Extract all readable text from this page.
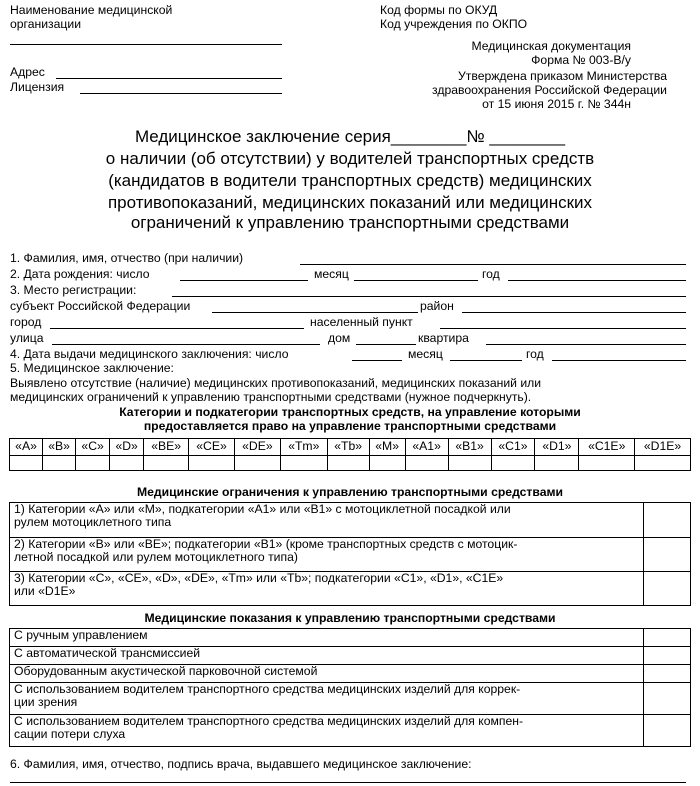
Наименование медицинской
организации
Адрес
Лицензия
Код формы по ОКУД
Код учреждения по ОКПО
Медицинская документация
Форма № 003-В/у
Утверждена приказом Министерства
здравоохранения Российской Федерации
от 15 июня 2015 г. № 344н
Медицинское заключение серия________№ ________
о наличии (об отсутствии) у водителей транспортных средств
(кандидатов в водители транспортных средств) медицинских
противопоказаний, медицинских показаний или медицинских
ограничений к управлению транспортными средствами
1. Фамилия, имя, отчество (при наличии)
2. Дата рождения: число	месяц	год
3. Место регистрации:
субъект Российской Федерации	район
город	населенный пункт
улица	дом	квартира
4. Дата выдачи медицинского заключения: число	месяц	год
5. Медицинское заключение:
Выявлено отсутствие (наличие) медицинских противопоказаний, медицинских показаний или
медицинских ограничений к управлению транспортными средствами (нужное подчеркнуть).
Категории и подкатегории транспортных средств, на управление которыми
предоставляется право на управление транспортными средствами
«А»	«В»	«С»	«D»	«ВЕ»	«СЕ»	«DЕ»	«Tm»	«Tb»	«М»	«А1»	«В1»	«С1»	«D1»	«С1Е»	«D1Е»

Медицинские ограничения к управлению транспортными средствами
1) Категории «А» или «М», подкатегории «А1» или «В1» с мотоциклетной посадкой или
рулем мотоциклетного типа	

2) Категории «В» или «ВЕ»; подкатегории «В1» (кроме транспортных средств с мотоцик-
летной посадкой или рулем мотоциклетного типа)	

3) Категории «С», «СЕ», «D», «DЕ», «Tm» или «Tb»; подкатегории «С1», «D1», «С1Е»
или «D1Е»	

Медицинские показания к управлению транспортными средствами
С ручным управлением	

С автоматической трансмиссией	

Оборудованным акустической парковочной системой	

С использованием водителем транспортного средства медицинских изделий для коррек-
ции зрения	

С использованием водителем транспортного средства медицинских изделий для компен-
сации потери слуха	

6. Фамилия, имя, отчество, подпись врача, выдавшего медицинское заключение:
